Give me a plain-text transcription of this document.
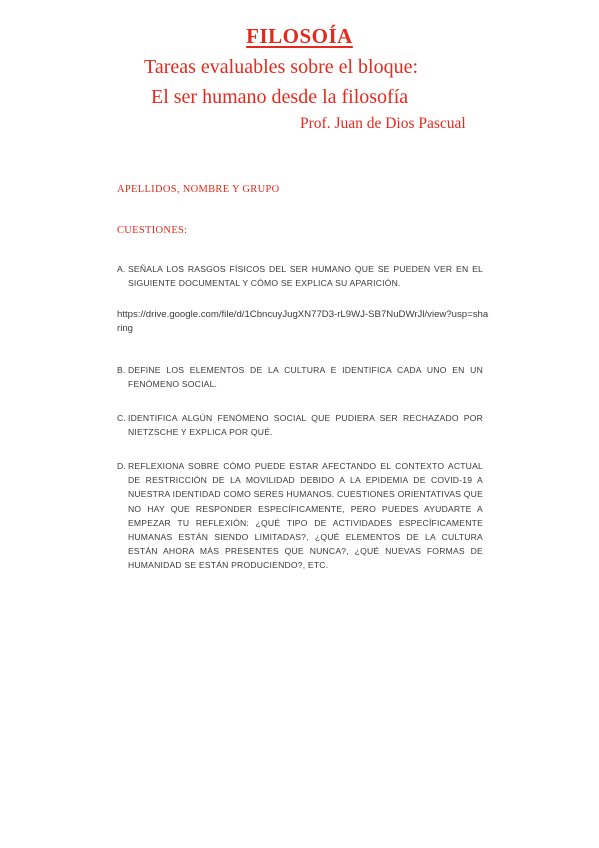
FILOSOÍA
Tareas evaluables sobre el bloque:
El ser humano desde la filosofía
Prof. Juan de Dios Pascual
APELLIDOS, NOMBRE Y GRUPO
CUESTIONES:
A. SEÑALA LOS RASGOS FÍSICOS DEL SER HUMANO QUE SE PUEDEN VER EN EL SIGUIENTE DOCUMENTAL Y CÓMO SE EXPLICA SU APARICIÓN.
https://drive.google.com/file/d/1CbncuyJugXN77D3-rL9WJ-SB7NuDWrJl/view?usp=sharing
B. DEFINE LOS ELEMENTOS DE LA CULTURA E IDENTIFICA CADA UNO EN UN FENÓMENO SOCIAL.
C. IDENTIFICA ALGÚN FENÓMENO SOCIAL QUE PUDIERA SER RECHAZADO POR NIETZSCHE Y EXPLICA POR QUÉ.
D. REFLEXIONA SOBRE CÓMO PUEDE ESTAR AFECTANDO EL CONTEXTO ACTUAL DE RESTRICCIÓN DE LA MOVILIDAD DEBIDO A LA EPIDEMIA DE COVID-19 A NUESTRA IDENTIDAD COMO SERES HUMANOS. CUESTIONES ORIENTATIVAS QUE NO HAY QUE RESPONDER ESPECÍFICAMENTE, PERO PUEDES AYUDARTE A EMPEZAR TU REFLEXIÓN: ¿QUÉ TIPO DE ACTIVIDADES ESPECÍFICAMENTE HUMANAS ESTÁN SIENDO LIMITADAS?, ¿QUÉ ELEMENTOS DE LA CULTURA ESTÁN AHORA MÁS PRESENTES QUE NUNCA?, ¿QUÉ NUEVAS FORMAS DE HUMANIDAD SE ESTÁN PRODUCIENDO?, ETC.
